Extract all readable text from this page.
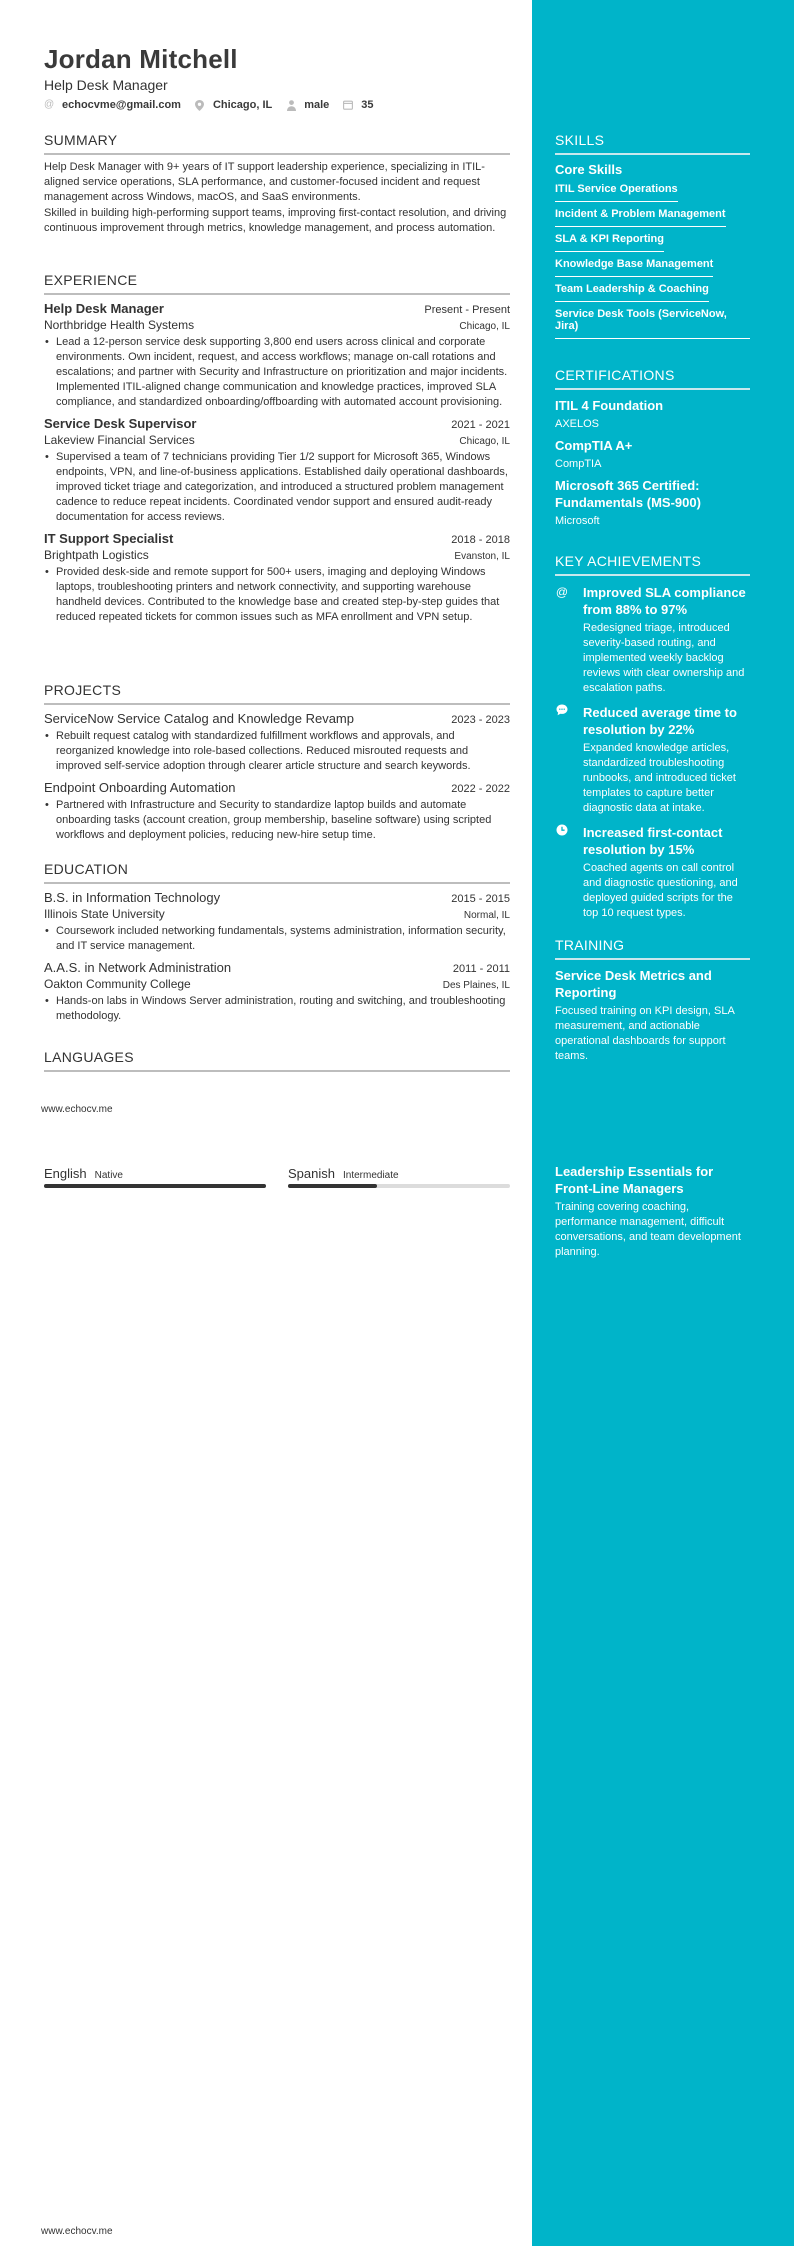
Jordan Mitchell
Help Desk Manager
@ echocvme@gmail.com	Chicago, IL	male	35
SUMMARY

Help Desk Manager with 9+ years of IT support leadership experience, specializing in ITIL-aligned service operations, SLA performance, and customer-focused incident and request management across Windows, macOS, and SaaS environments.

Skilled in building high-performing support teams, improving first-contact resolution, and driving continuous improvement through metrics, knowledge management, and process automation.

EXPERIENCE
Help Desk Manager	Present - Present
Northbridge Health Systems	Chicago, IL
• Lead a 12-person service desk supporting 3,800 end users across clinical and corporate environments. Own incident, request, and access workflows; manage on-call rotations and escalations; and partner with Security and Infrastructure on prioritization and major incidents. Implemented ITIL-aligned change communication and knowledge practices, improved SLA compliance, and standardized onboarding/offboarding with automated account provisioning.
Service Desk Supervisor	2021 - 2021
Lakeview Financial Services	Chicago, IL
• Supervised a team of 7 technicians providing Tier 1/2 support for Microsoft 365, Windows endpoints, VPN, and line-of-business applications. Established daily operational dashboards, improved ticket triage and categorization, and introduced a structured problem management cadence to reduce repeat incidents. Coordinated vendor support and ensured audit-ready documentation for access reviews.
IT Support Specialist	2018 - 2018
Brightpath Logistics	Evanston, IL
• Provided desk-side and remote support for 500+ users, imaging and deploying Windows laptops, troubleshooting printers and network connectivity, and supporting warehouse handheld devices. Contributed to the knowledge base and created step-by-step guides that reduced repeated tickets for common issues such as MFA enrollment and VPN setup.
PROJECTS
ServiceNow Service Catalog and Knowledge Revamp	2023 - 2023
• Rebuilt request catalog with standardized fulfillment workflows and approvals, and reorganized knowledge into role-based collections. Reduced misrouted requests and improved self-service adoption through clearer article structure and search keywords.
Endpoint Onboarding Automation	2022 - 2022
• Partnered with Infrastructure and Security to standardize laptop builds and automate onboarding tasks (account creation, group membership, baseline software) using scripted workflows and deployment policies, reducing new-hire setup time.
EDUCATION
B.S. in Information Technology	2015 - 2015
Illinois State University	Normal, IL
• Coursework included networking fundamentals, systems administration, information security, and IT service management.
A.A.S. in Network Administration	2011 - 2011
Oakton Community College	Des Plaines, IL
• Hands-on labs in Windows Server administration, routing and switching, and troubleshooting methodology.
LANGUAGES
www.echocv.me
English Native	Spanish Intermediate
www.echocv.me
SKILLS
Core Skills
ITIL Service Operations
Incident & Problem Management
SLA & KPI Reporting
Knowledge Base Management
Team Leadership & Coaching
Service Desk Tools (ServiceNow, Jira)
CERTIFICATIONS
ITIL 4 Foundation
AXELOS
CompTIA A+
CompTIA
Microsoft 365 Certified: Fundamentals (MS-900)
Microsoft
KEY ACHIEVEMENTS
@ Improved SLA compliance from 88% to 97%
Redesigned triage, introduced severity-based routing, and implemented weekly backlog reviews with clear ownership and escalation paths.
Reduced average time to resolution by 22%
Expanded knowledge articles, standardized troubleshooting runbooks, and introduced ticket templates to capture better diagnostic data at intake.
Increased first-contact resolution by 15%
Coached agents on call control and diagnostic questioning, and deployed guided scripts for the top 10 request types.
TRAINING
Service Desk Metrics and Reporting
Focused training on KPI design, SLA measurement, and actionable operational dashboards for support teams.
Leadership Essentials for Front-Line Managers
Training covering coaching, performance management, difficult conversations, and team development planning.
